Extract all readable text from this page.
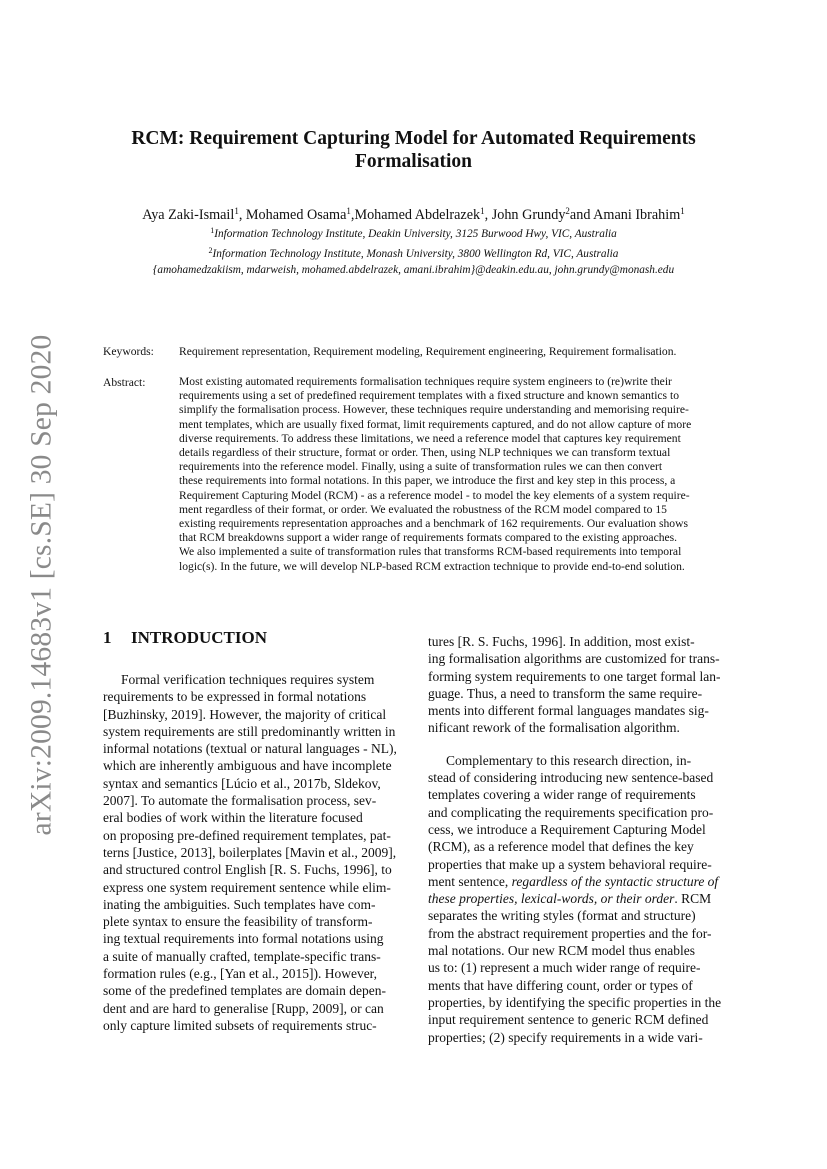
arXiv:2009.14683v1 [cs.SE] 30 Sep 2020
RCM: Requirement Capturing Model for Automated Requirements
Formalisation
Aya Zaki-Ismail$^1$, Mohamed Osama$^1$,Mohamed Abdelrazek$^1$, John Grundy$^2$and Amani Ibrahim$^1$
$^1$Information Technology Institute, Deakin University, 3125 Burwood Hwy, VIC, Australia
$^2$Information Technology Institute, Monash University, 3800 Wellington Rd, VIC, Australia
{amohamedzakiism, mdarweish, mohamed.abdelrazek, amani.ibrahim}@deakin.edu.au, john.grundy@monash.edu
Keywords: Requirement representation, Requirement modeling, Requirement engineering, Requirement formalisation.
Abstract:	Most existing automated requirements formalisation techniques require system engineers to (re)write their
requirements using a set of predefined requirement templates with a fixed structure and known semantics to
simplify the formalisation process. However, these techniques require understanding and memorising require-
ment templates, which are usually fixed format, limit requirements captured, and do not allow capture of more
diverse requirements. To address these limitations, we need a reference model that captures key requirement
details regardless of their structure, format or order. Then, using NLP techniques we can transform textual
requirements into the reference model. Finally, using a suite of transformation rules we can then convert
these requirements into formal notations. In this paper, we introduce the first and key step in this process, a
Requirement Capturing Model (RCM) - as a reference model - to model the key elements of a system require-
ment regardless of their format, or order. We evaluated the robustness of the RCM model compared to 15
existing requirements representation approaches and a benchmark of 162 requirements. Our evaluation shows
that RCM breakdowns support a wider range of requirements formats compared to the existing approaches.
We also implemented a suite of transformation rules that transforms RCM-based requirements into temporal
logic(s). In the future, we will develop NLP-based RCM extraction technique to provide end-to-end solution.
1 INTRODUCTION
Formal verification techniques requires system
requirements to be expressed in formal notations
[Buzhinsky, 2019]. However, the majority of critical
system requirements are still predominantly written in
informal notations (textual or natural languages - NL),
which are inherently ambiguous and have incomplete
syntax and semantics [Lúcio et al., 2017b, Sldekov,
2007]. To automate the formalisation process, sev-
eral bodies of work within the literature focused
on proposing pre-defined requirement templates, pat-
terns [Justice, 2013], boilerplates [Mavin et al., 2009],
and structured control English [R. S. Fuchs, 1996], to
express one system requirement sentence while elim-
inating the ambiguities. Such templates have com-
plete syntax to ensure the feasibility of transform-
ing textual requirements into formal notations using
a suite of manually crafted, template-specific trans-
formation rules (e.g., [Yan et al., 2015]). However,
some of the predefined templates are domain depen-
dent and are hard to generalise [Rupp, 2009], or can
only capture limited subsets of requirements struc-
tures [R. S. Fuchs, 1996]. In addition, most exist-
ing formalisation algorithms are customized for trans-
forming system requirements to one target formal lan-
guage. Thus, a need to transform the same require-
ments into different formal languages mandates sig-
nificant rework of the formalisation algorithm.
Complementary to this research direction, in-
stead of considering introducing new sentence-based
templates covering a wider range of requirements
and complicating the requirements specification pro-
cess, we introduce a Requirement Capturing Model
(RCM), as a reference model that defines the key
properties that make up a system behavioral require-
ment sentence, regardless of the syntactic structure of
these properties, lexical-words, or their order. RCM
separates the writing styles (format and structure)
from the abstract requirement properties and the for-
mal notations. Our new RCM model thus enables
us to: (1) represent a much wider range of require-
ments that have differing count, order or types of
properties, by identifying the specific properties in the
input requirement sentence to generic RCM defined
properties; (2) specify requirements in a wide vari-
